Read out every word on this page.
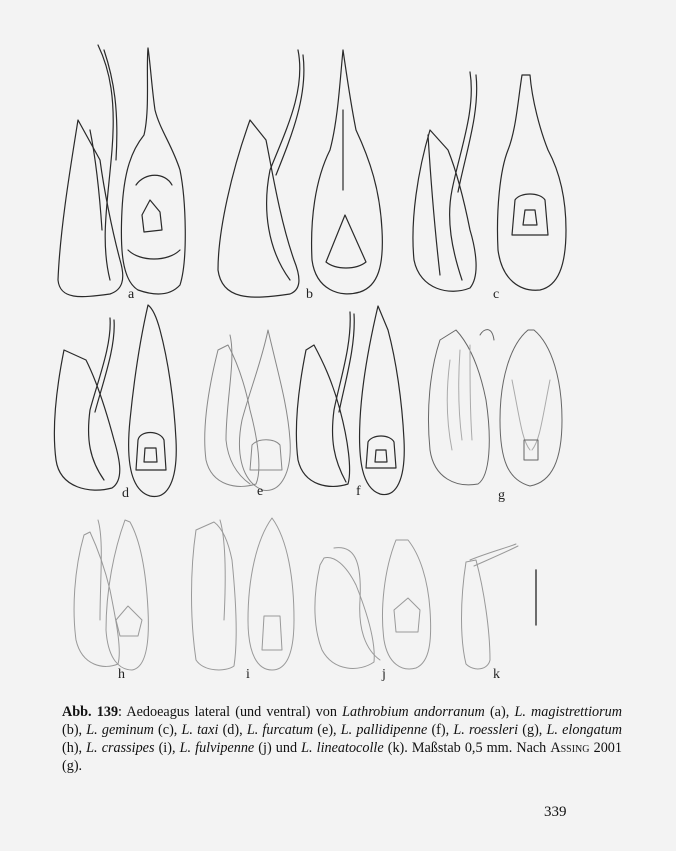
a	b	c
d	e	f	g
h	i	j	k
Abb. 139: Aedoeagus lateral (und ventral) von Lathrobium andorranum (a), L. magistrettiorum (b), L. geminum (c), L. taxi (d), L. furcatum (e), L. pallidipenne (f), L. roessleri (g), L. elongatum (h), L. crassipes (i), L. fulvipenne (j) und L. lineatocolle (k). Maßstab 0,5 mm. Nach Assing 2001 (g).
339
